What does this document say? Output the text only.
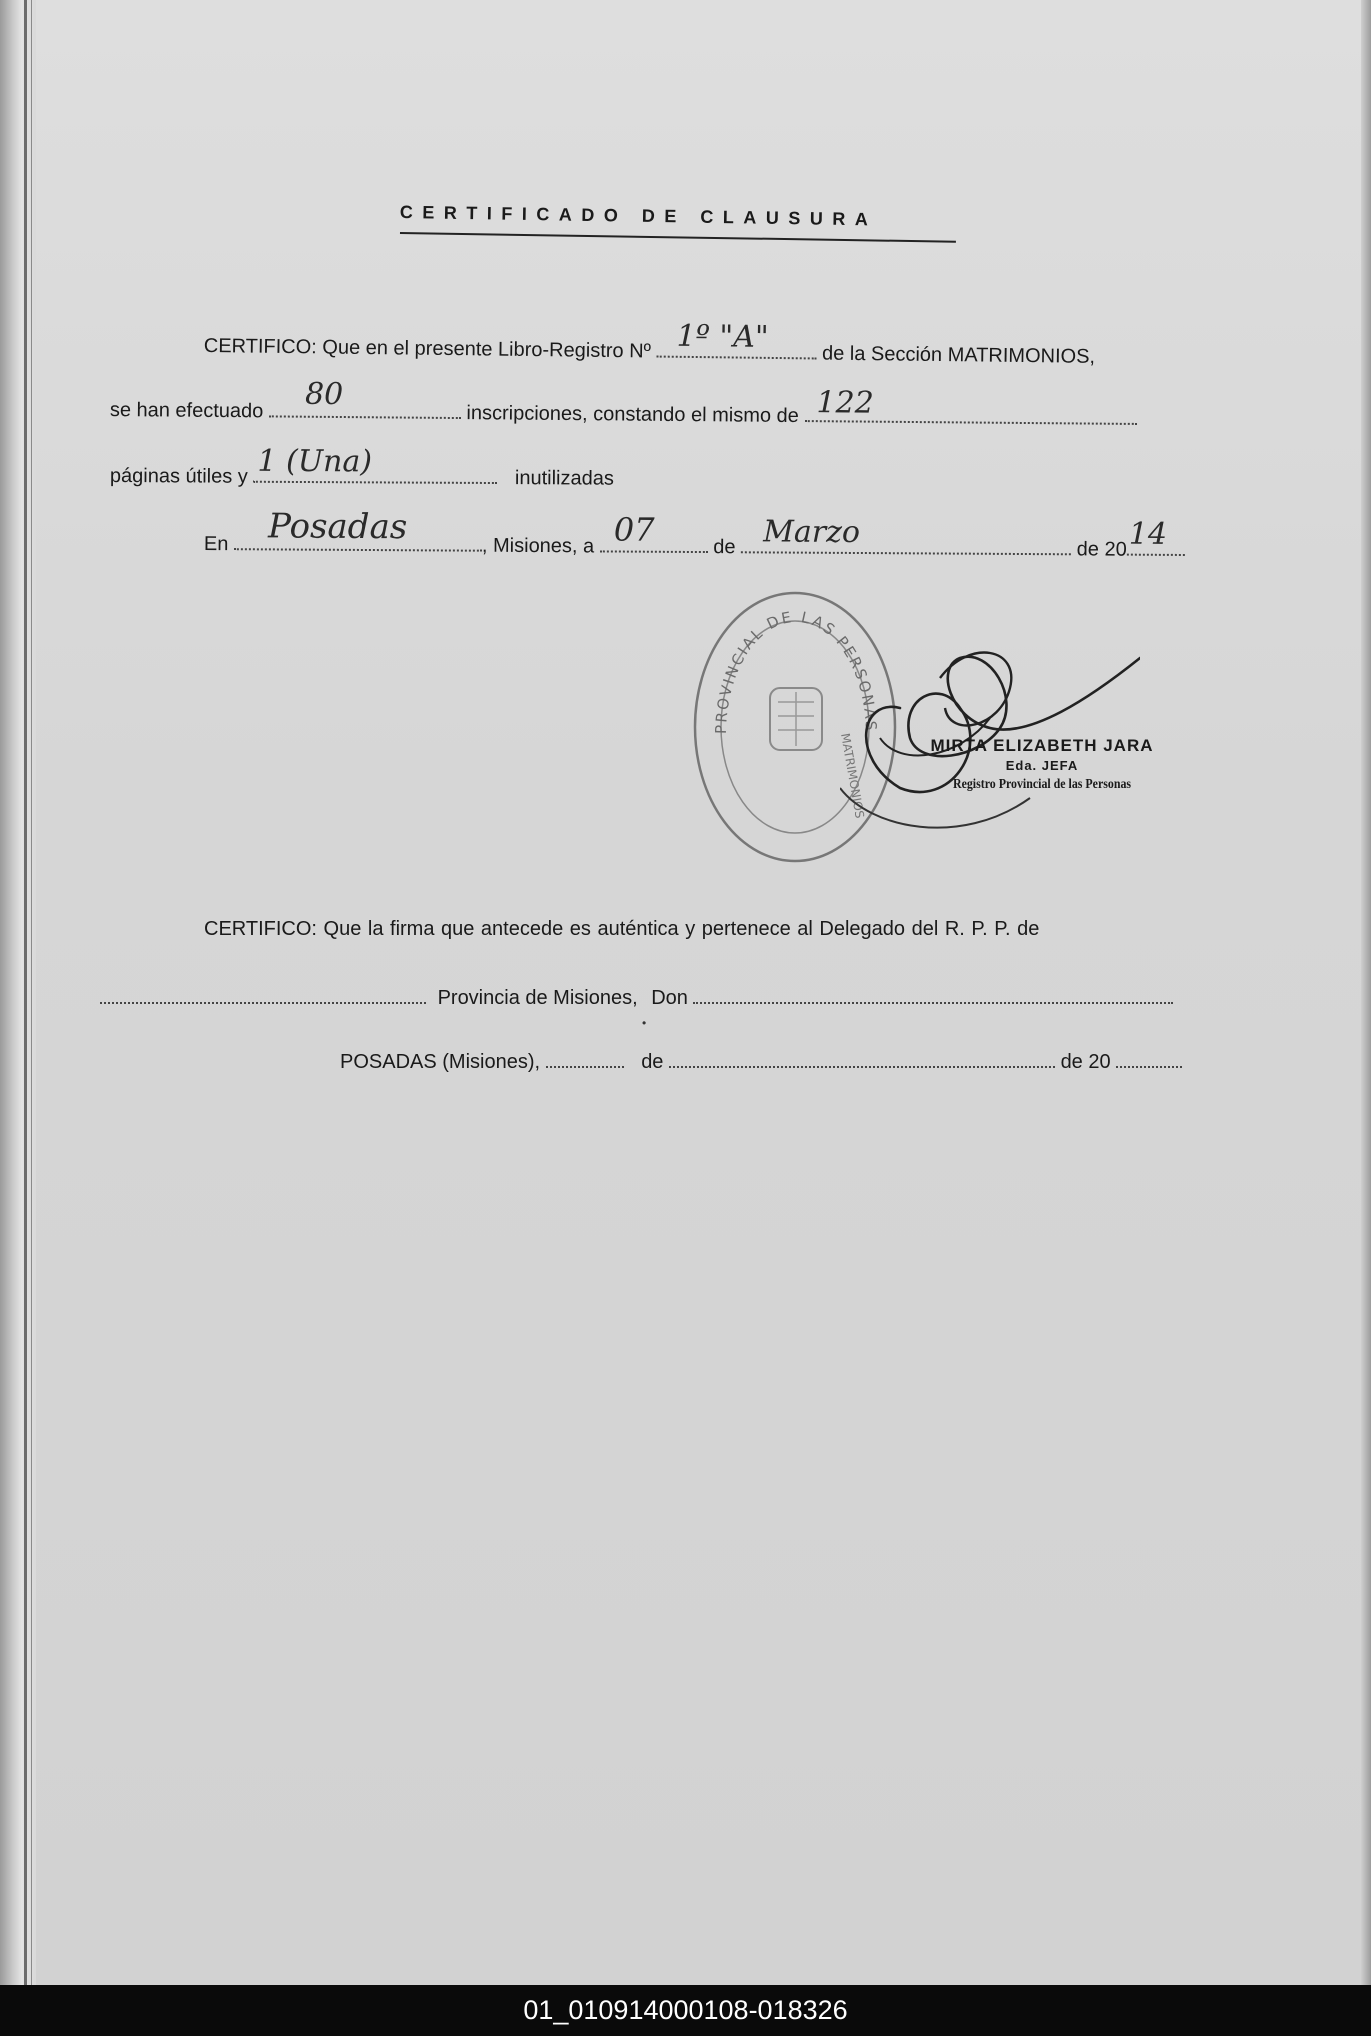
CERTIFICADO DE CLAUSURA
CERTIFICO: Que en el presente Libro-Registro Nº 1º "A"
de la Sección MATRIMONIOS,
se han efectuado 80
inscripciones, constando el mismo de 122
páginas útiles y 1 (Una)	inutilizadas
En Posadas	, Misiones, a 07	de Marzo	de 20 14
PROVINCIAL DE LAS PERSONAS
MATRIMONIOS	MIRTA ELIZABETH JARA
Eda. JEFA
Registro Provincial de las Personas
CERTIFICO: Que la firma que antecede es auténtica y pertenece al Delegado del R. P. P. de
Provincia de Misiones, Don
•
POSADAS (Misiones),	de	de 20
01_010914000108-018326
